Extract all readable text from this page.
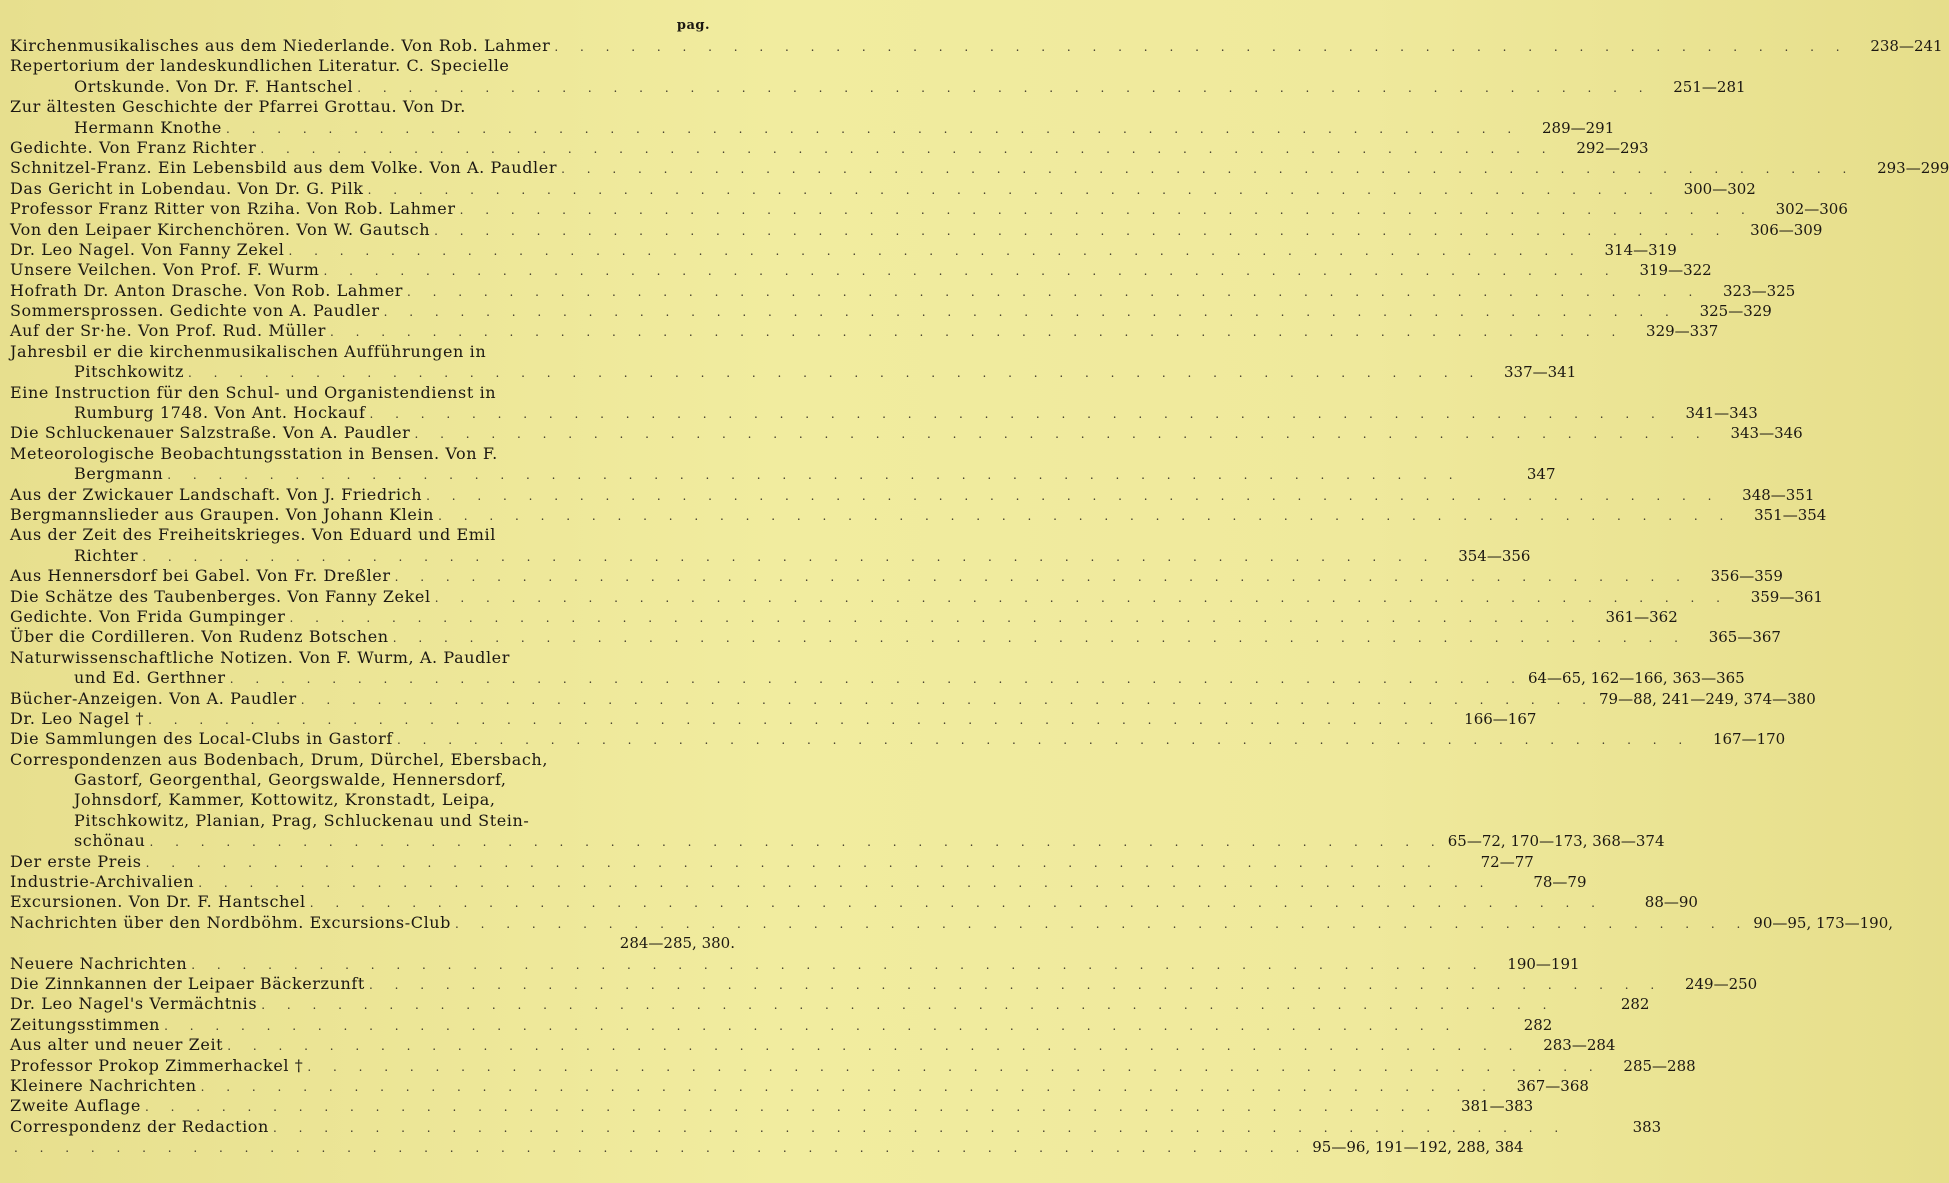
pag.
Kirchenmusikalisches aus dem Niederlande. Von Rob. Lahmer . . . . . . . . . . . . . . . . . . . . . . . . . . . . . . . . . . . . . . . . . . . . . . . . . . .	238—241
Repertorium der landeskundlichen Literatur. C. Specielle
Ortskunde. Von Dr. F. Hantschel . . . . . . . . . . . . . . . . . . . . . . . . . . . . . . . . . . . . . . . . . . . . . . . . . . .	251—281
Zur ältesten Geschichte der Pfarrei Grottau. Von Dr.
Hermann Knothe . . . . . . . . . . . . . . . . . . . . . . . . . . . . . . . . . . . . . . . . . . . . . . . . . . .	289—291
Gedichte. Von Franz Richter . . . . . . . . . . . . . . . . . . . . . . . . . . . . . . . . . . . . . . . . . . . . . . . . . . .	292—293
Schnitzel-Franz. Ein Lebensbild aus dem Volke. Von A. Paudler . . . . . . . . . . . . . . . . . . . . . . . . . . . . . . . . . . . . . . . . . . . . . . . . . . .	293—299
Das Gericht in Lobendau. Von Dr. G. Pilk . . . . . . . . . . . . . . . . . . . . . . . . . . . . . . . . . . . . . . . . . . . . . . . . . . .	300—302
Professor Franz Ritter von Rziha. Von Rob. Lahmer . . . . . . . . . . . . . . . . . . . . . . . . . . . . . . . . . . . . . . . . . . . . . . . . . . .	302—306
Von den Leipaer Kirchenchören. Von W. Gautsch . . . . . . . . . . . . . . . . . . . . . . . . . . . . . . . . . . . . . . . . . . . . . . . . . . .	306—309
Dr. Leo Nagel. Von Fanny Zekel . . . . . . . . . . . . . . . . . . . . . . . . . . . . . . . . . . . . . . . . . . . . . . . . . . .	314—319
Unsere Veilchen. Von Prof. F. Wurm . . . . . . . . . . . . . . . . . . . . . . . . . . . . . . . . . . . . . . . . . . . . . . . . . . .	319—322
Hofrath Dr. Anton Drasche. Von Rob. Lahmer . . . . . . . . . . . . . . . . . . . . . . . . . . . . . . . . . . . . . . . . . . . . . . . . . . .	323—325
Sommersprossen. Gedichte von A. Paudler . . . . . . . . . . . . . . . . . . . . . . . . . . . . . . . . . . . . . . . . . . . . . . . . . . .	325—329
Auf der Sr·he. Von Prof. Rud. Müller . . . . . . . . . . . . . . . . . . . . . . . . . . . . . . . . . . . . . . . . . . . . . . . . . . .	329—337
Jahresbil er die kirchenmusikalischen Aufführungen in
Pitschkowitz . . . . . . . . . . . . . . . . . . . . . . . . . . . . . . . . . . . . . . . . . . . . . . . . . . .	337—341
Eine Instruction für den Schul- und Organistendienst in
Rumburg 1748. Von Ant. Hockauf . . . . . . . . . . . . . . . . . . . . . . . . . . . . . . . . . . . . . . . . . . . . . . . . . . .	341—343
Die Schluckenauer Salzstraße. Von A. Paudler . . . . . . . . . . . . . . . . . . . . . . . . . . . . . . . . . . . . . . . . . . . . . . . . . . .	343—346
Meteorologische Beobachtungsstation in Bensen. Von F.
Bergmann . . . . . . . . . . . . . . . . . . . . . . . . . . . . . . . . . . . . . . . . . . . . . . . . . . .	347
Aus der Zwickauer Landschaft. Von J. Friedrich . . . . . . . . . . . . . . . . . . . . . . . . . . . . . . . . . . . . . . . . . . . . . . . . . . .	348—351
Bergmannslieder aus Graupen. Von Johann Klein . . . . . . . . . . . . . . . . . . . . . . . . . . . . . . . . . . . . . . . . . . . . . . . . . . .	351—354
Aus der Zeit des Freiheitskrieges. Von Eduard und Emil
Richter . . . . . . . . . . . . . . . . . . . . . . . . . . . . . . . . . . . . . . . . . . . . . . . . . . .	354—356
Aus Hennersdorf bei Gabel. Von Fr. Dreßler . . . . . . . . . . . . . . . . . . . . . . . . . . . . . . . . . . . . . . . . . . . . . . . . . . .	356—359
Die Schätze des Taubenberges. Von Fanny Zekel . . . . . . . . . . . . . . . . . . . . . . . . . . . . . . . . . . . . . . . . . . . . . . . . . . .	359—361
Gedichte. Von Frida Gumpinger . . . . . . . . . . . . . . . . . . . . . . . . . . . . . . . . . . . . . . . . . . . . . . . . . . .	361—362
Über die Cordilleren. Von Rudenz Botschen . . . . . . . . . . . . . . . . . . . . . . . . . . . . . . . . . . . . . . . . . . . . . . . . . . .	365—367
Naturwissenschaftliche Notizen. Von F. Wurm, A. Paudler
und Ed. Gerthner . . . . . . . . . . . . . . . . . . . . . . . . . . . . . . . . . . . . . . . . . . . . . . . . . . . 64—65, 162—166, 363—365
Bücher-Anzeigen. Von A. Paudler . . . . . . . . . . . . . . . . . . . . . . . . . . . . . . . . . . . . . . . . . . . . . . . . . . . 79—88, 241—249, 374—380
Dr. Leo Nagel † . . . . . . . . . . . . . . . . . . . . . . . . . . . . . . . . . . . . . . . . . . . . . . . . . . .	166—167
Die Sammlungen des Local-Clubs in Gastorf . . . . . . . . . . . . . . . . . . . . . . . . . . . . . . . . . . . . . . . . . . . . . . . . . . .	167—170
Correspondenzen aus Bodenbach, Drum, Dürchel, Ebersbach,
Gastorf, Georgenthal, Georgswalde, Hennersdorf,
Johnsdorf, Kammer, Kottowitz, Kronstadt, Leipa,
Pitschkowitz, Planian, Prag, Schluckenau und Stein-
schönau . . . . . . . . . . . . . . . . . . . . . . . . . . . . . . . . . . . . . . . . . . . . . . . . . . . 65—72, 170—173, 368—374
Der erste Preis . . . . . . . . . . . . . . . . . . . . . . . . . . . . . . . . . . . . . . . . . . . . . . . . . . .	72—77
Industrie-Archivalien . . . . . . . . . . . . . . . . . . . . . . . . . . . . . . . . . . . . . . . . . . . . . . . . . . .	78—79
Excursionen. Von Dr. F. Hantschel . . . . . . . . . . . . . . . . . . . . . . . . . . . . . . . . . . . . . . . . . . . . . . . . . . .	88—90
Nachrichten über den Nordböhm. Excursions-Club . . . . . . . . . . . . . . . . . . . . . . . . . . . . . . . . . . . . . . . . . . . . . . . . . . . 90—95, 173—190,
284—285, 380.
Neuere Nachrichten . . . . . . . . . . . . . . . . . . . . . . . . . . . . . . . . . . . . . . . . . . . . . . . . . . .	190—191
Die Zinnkannen der Leipaer Bäckerzunft . . . . . . . . . . . . . . . . . . . . . . . . . . . . . . . . . . . . . . . . . . . . . . . . . . .	249—250
Dr. Leo Nagel's Vermächtnis . . . . . . . . . . . . . . . . . . . . . . . . . . . . . . . . . . . . . . . . . . . . . . . . . . .	282
Zeitungsstimmen . . . . . . . . . . . . . . . . . . . . . . . . . . . . . . . . . . . . . . . . . . . . . . . . . . .	282
Aus alter und neuer Zeit . . . . . . . . . . . . . . . . . . . . . . . . . . . . . . . . . . . . . . . . . . . . . . . . . . .	283—284
Professor Prokop Zimmerhackel † . . . . . . . . . . . . . . . . . . . . . . . . . . . . . . . . . . . . . . . . . . . . . . . . . . .	285—288
Kleinere Nachrichten . . . . . . . . . . . . . . . . . . . . . . . . . . . . . . . . . . . . . . . . . . . . . . . . . . .	367—368
Zweite Auflage . . . . . . . . . . . . . . . . . . . . . . . . . . . . . . . . . . . . . . . . . . . . . . . . . . .	381—383
Correspondenz der Redaction . . . . . . . . . . . . . . . . . . . . . . . . . . . . . . . . . . . . . . . . . . . . . . . . . . .	383
. . . . . . . . . . . . . . . . . . . . . . . . . . . . . . . . . . . . . . . . . . . . . . . . . . . 95—96, 191—192, 288, 384
